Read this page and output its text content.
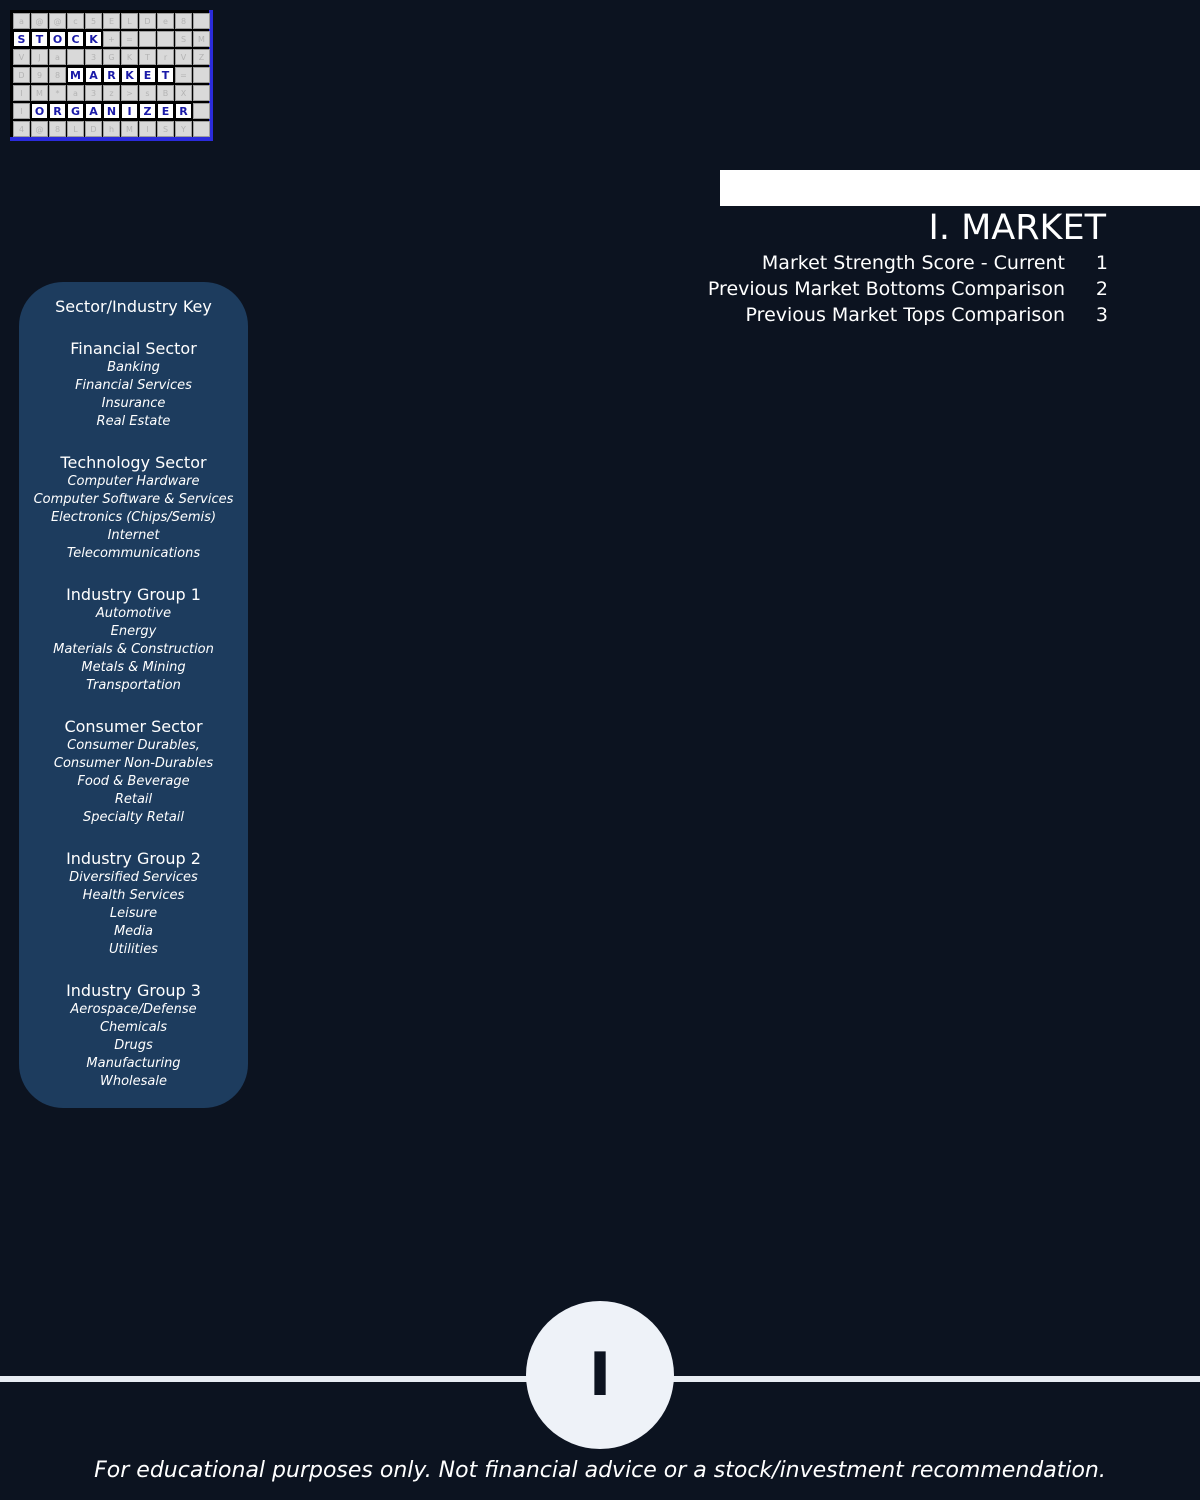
a	@	@	c	5	E	L	D	e	8
S T O C K	+	=	S	M
V	J	a	3	G	K	T	r	V	Z
D	9	8 M A R K E T	=
I	M	*	a	3	z	>	s	B	X
I	O R G A N	I	Z E R
4	@	8	L	D	h	M	I	S	Y
I. MARKET
Market Strength Score - Current	1
Previous Market Bottoms Comparison	2
Previous Market Tops Comparison	3
Sector/Industry Key
Financial Sector
Banking
Financial Services
Insurance
Real Estate
Technology Sector
Computer Hardware
Computer Software & Services
Electronics (Chips/Semis)
Internet
Telecommunications
Industry Group 1
Automotive
Energy
Materials & Construction
Metals & Mining
Transportation
Consumer Sector
Consumer Durables,
Consumer Non-Durables
Food & Beverage
Retail
Specialty Retail
Industry Group 2
Diversified Services
Health Services
Leisure
Media
Utilities
Industry Group 3
Aerospace/Defense
Chemicals
Drugs
Manufacturing
Wholesale
I
For educational purposes only. Not financial advice or a stock/investment recommendation.
